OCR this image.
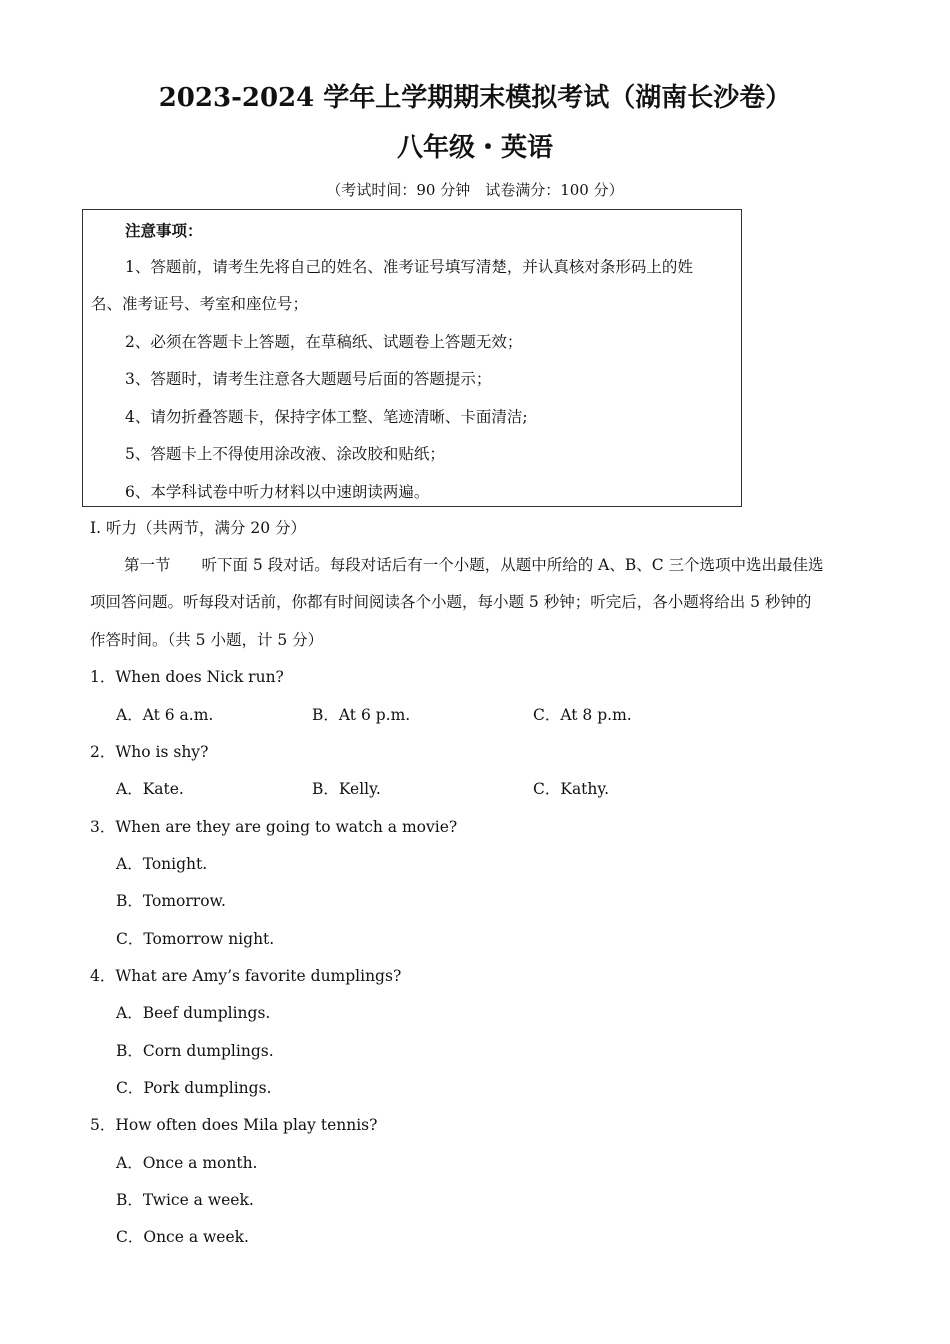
2023-2024 学年上学期期末模拟考试（湖南长沙卷）
八年级・英语
（考试时间：90 分钟　试卷满分：100 分）
注意事项：
1、答题前，请考生先将自己的姓名、准考证号填写清楚，并认真核对条形码上的姓
名、准考证号、考室和座位号；
2、必须在答题卡上答题，在草稿纸、试题卷上答题无效；
3、答题时，请考生注意各大题题号后面的答题提示；
4、请勿折叠答题卡，保持字体工整、笔迹清晰、卡面清洁;
5、答题卡上不得使用涂改液、涂改胶和贴纸；
6、本学科试卷中听力材料以中速朗读两遍。
I. 听力（共两节，满分 20 分）
第一节　　听下面 5 段对话。每段对话后有一个小题，从题中所给的 A、B、C 三个选项中选出最佳选
项回答问题。听每段对话前，你都有时间阅读各个小题，每小题 5 秒钟；听完后，各小题将给出 5 秒钟的
作答时间。（共 5 小题，计 5 分）
1．When does Nick run?
A．At 6 a.m.	B．At 6 p.m.	C．At 8 p.m.
2．Who is shy?
A．Kate.	B．Kelly.	C．Kathy.
3．When are they are going to watch a movie?
A．Tonight.
B．Tomorrow.
C．Tomorrow night.
4．What are Amy’s favorite dumplings?
A．Beef dumplings.
B．Corn dumplings.
C．Pork dumplings.
5．How often does Mila play tennis?
A．Once a month.
B．Twice a week.
C．Once a week.
